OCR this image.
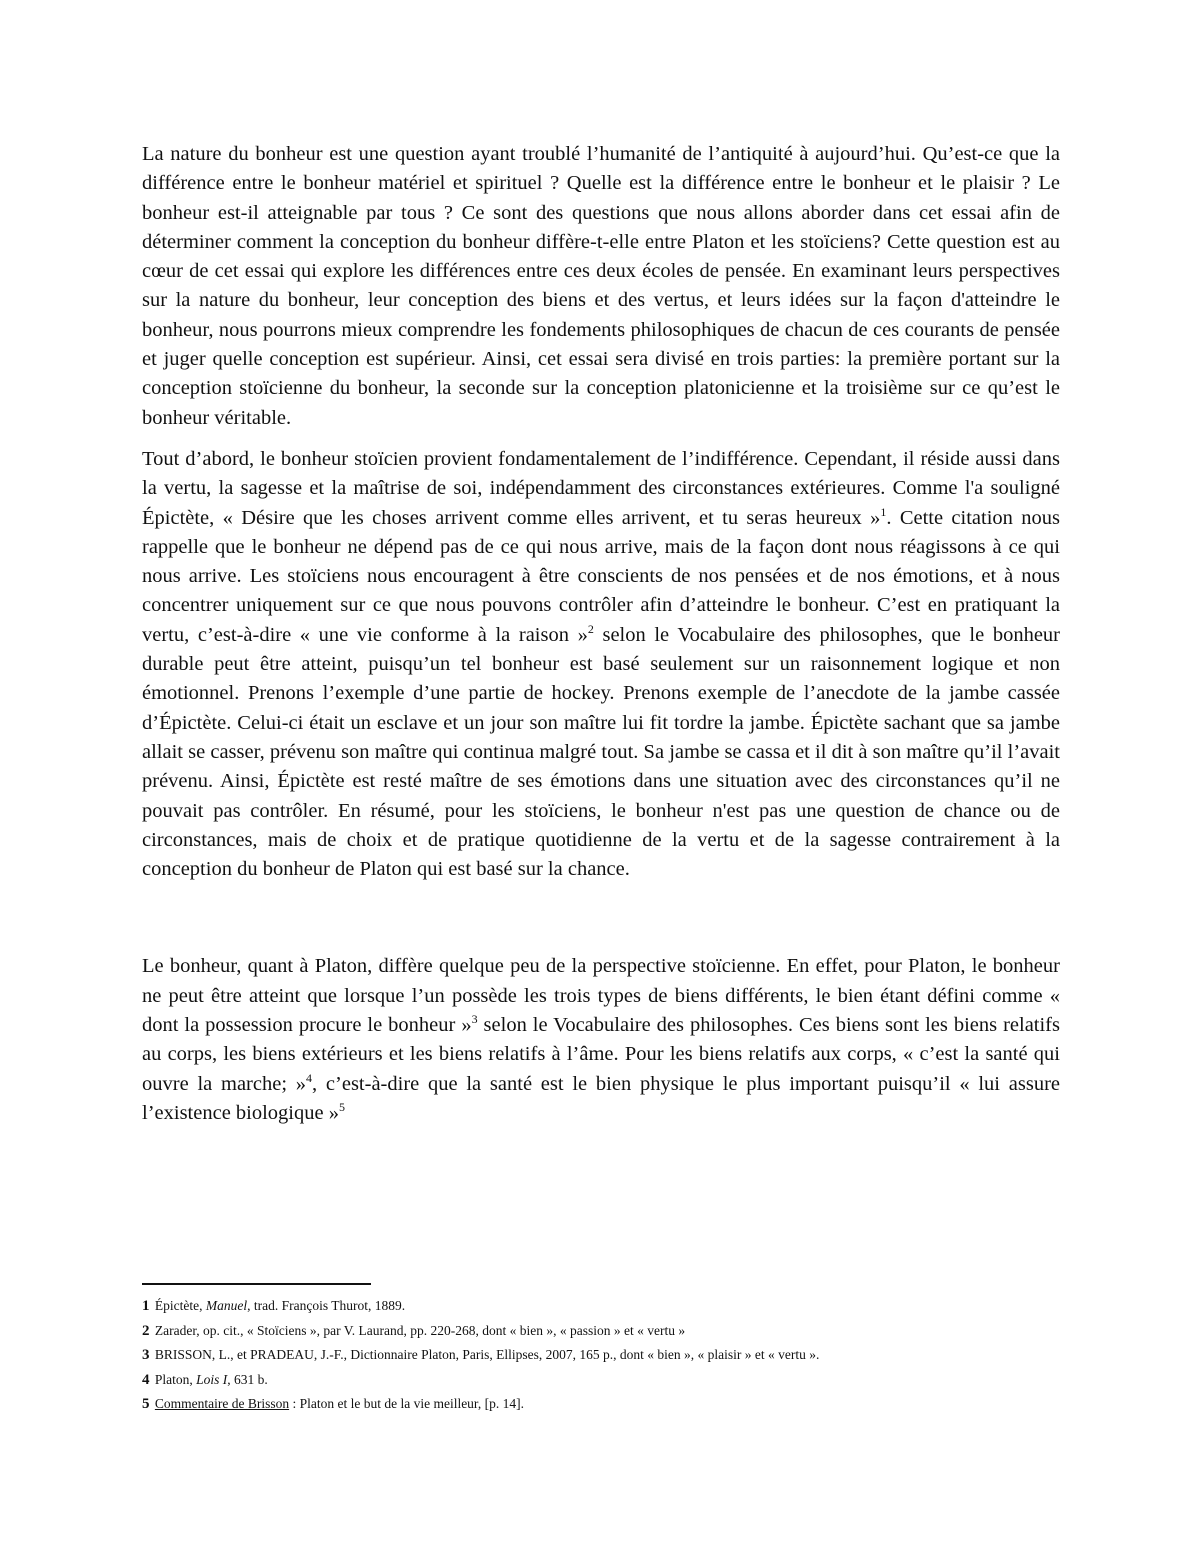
La nature du bonheur est une question ayant troublé l’humanité de l’antiquité à aujourd’hui. Qu’est-ce que la différence entre le bonheur matériel et spirituel ? Quelle est la différence entre le bonheur et le plaisir ? Le bonheur est-il atteignable par tous ? Ce sont des questions que nous allons aborder dans cet essai afin de déterminer comment la conception du bonheur diffère-t-elle entre Platon et les stoïciens? Cette question est au cœur de cet essai qui explore les différences entre ces deux écoles de pensée. En examinant leurs perspectives sur la nature du bonheur, leur conception des biens et des vertus, et leurs idées sur la façon d'atteindre le bonheur, nous pourrons mieux comprendre les fondements philosophiques de chacun de ces courants de pensée et juger quelle conception est supérieur. Ainsi, cet essai sera divisé en trois parties: la première portant sur la conception stoïcienne du bonheur, la seconde sur la conception platonicienne et la troisième sur ce qu’est le bonheur véritable.

Tout d’abord, le bonheur stoïcien provient fondamentalement de l’indifférence. Cependant, il réside aussi dans la vertu, la sagesse et la maîtrise de soi, indépendamment des circonstances extérieures. Comme l'a souligné Épictète, « Désire que les choses arrivent comme elles arrivent, et tu seras heureux »$^1$. Cette citation nous rappelle que le bonheur ne dépend pas de ce qui nous arrive, mais de la façon dont nous réagissons à ce qui nous arrive. Les stoïciens nous encouragent à être conscients de nos pensées et de nos émotions, et à nous concentrer uniquement sur ce que nous pouvons contrôler afin d’atteindre le bonheur. C’est en pratiquant la vertu, c’est-à-dire « une vie conforme à la raison »$^2$ selon le Vocabulaire des philosophes, que le bonheur durable peut être atteint, puisqu’un tel bonheur est basé seulement sur un raisonnement logique et non émotionnel. Prenons l’exemple d’une partie de hockey. Prenons exemple de l’anecdote de la jambe cassée d’Épictète. Celui-ci était un esclave et un jour son maître lui fit tordre la jambe. Épictète sachant que sa jambe allait se casser, prévenu son maître qui continua malgré tout. Sa jambe se cassa et il dit à son maître qu’il l’avait prévenu. Ainsi, Épictète est resté maître de ses émotions dans une situation avec des circonstances qu’il ne pouvait pas contrôler. En résumé, pour les stoïciens, le bonheur n'est pas une question de chance ou de circonstances, mais de choix et de pratique quotidienne de la vertu et de la sagesse contrairement à la conception du bonheur de Platon qui est basé sur la chance.

Le bonheur, quant à Platon, diffère quelque peu de la perspective stoïcienne. En effet, pour Platon, le bonheur ne peut être atteint que lorsque l’un possède les trois types de biens différents, le bien étant défini comme « dont la possession procure le bonheur »$^3$ selon le Vocabulaire des philosophes. Ces biens sont les biens relatifs au corps, les biens extérieurs et les biens relatifs à l’âme. Pour les biens relatifs aux corps, « c’est la santé qui ouvre la marche; »$^4$, c’est-à-dire que la santé est le bien physique le plus important puisqu’il « lui assure l’existence biologique »$^5$

1 Épictète, Manuel, trad. François Thurot, 1889.

2 Zarader, op. cit., « Stoïciens », par V. Laurand, pp. 220-268, dont « bien », « passion » et « vertu »

3 BRISSON, L., et PRADEAU, J.-F., Dictionnaire Platon, Paris, Ellipses, 2007, 165 p., dont « bien », « plaisir » et « vertu ».

4 Platon, Lois I, 631 b.

5 Commentaire de Brisson : Platon et le but de la vie meilleur, [p. 14].
